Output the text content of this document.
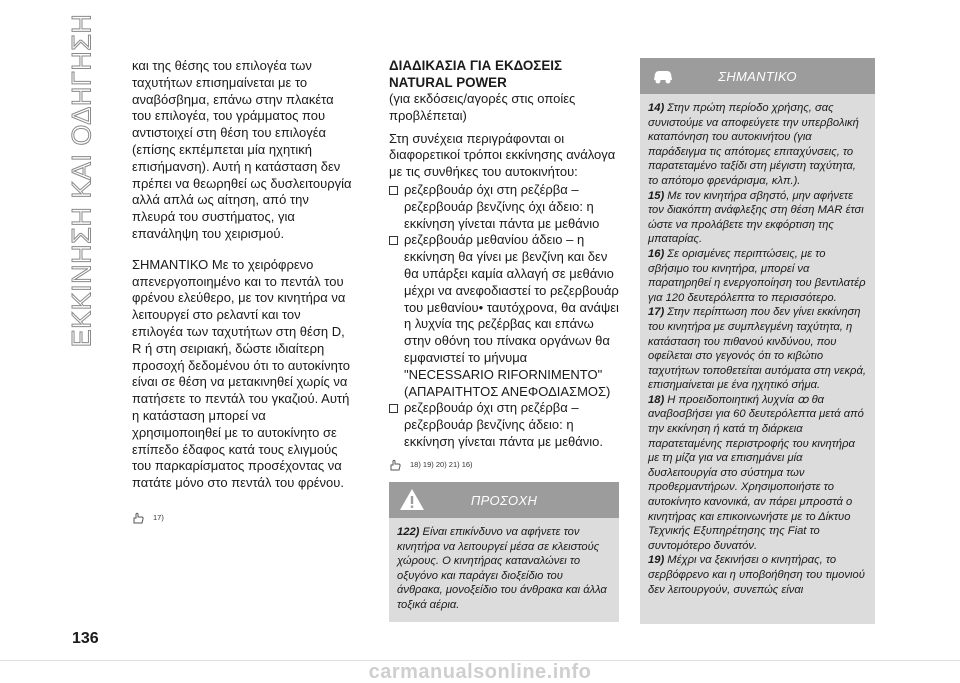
ΕΚΚΙΝΗΣΗ ΚΑΙ ΟΔΗΓΗΣΗ
136

και της θέσης του επιλογέα των ταχυτήτων επισημαίνεται με το αναβόσβημα, επάνω στην πλακέτα του επιλογέα, του γράμματος που αντιστοιχεί στη θέση του επιλογέα (επίσης εκπέμπεται μία ηχητική επισήμανση). Αυτή η κατάσταση δεν πρέπει να θεωρηθεί ως δυσλειτουργία αλλά απλά ως αίτηση, από την πλευρά του συστήματος, για επανάληψη του χειρισμού.

ΣΗΜΑΝΤΙΚΟ Με το χειρόφρενο απενεργοποιημένο και το πεντάλ του φρένου ελεύθερο, με τον κινητήρα να λειτουργεί στο ρελαντί και τον επιλογέα των ταχυτήτων στη θέση D, R ή στη σειριακή, δώστε ιδιαίτερη προσοχή δεδομένου ότι το αυτοκίνητο είναι σε θέση να μετακινηθεί χωρίς να πατήσετε το πεντάλ του γκαζιού. Αυτή η κατάσταση μπορεί να χρησιμοποιηθεί με το αυτοκίνητο σε επίπεδο έδαφος κατά τους ελιγμούς του παρκαρίσματος προσέχοντας να πατάτε μόνο στο πεντάλ του φρένου.

17)
ΔΙΑΔΙΚΑΣΙΑ ΓΙΑ ΕΚΔΟΣΕΙΣ NATURAL POWER
(για εκδόσεις/αγορές στις οποίες προβλέπεται)

Στη συνέχεια περιγράφονται οι διαφορετικοί τρόποι εκκίνησης ανάλογα με τις συνθήκες του αυτοκινήτου:

ρεζερβουάρ όχι στη ρεζέρβα – ρεζερβουάρ βενζίνης όχι άδειο: η εκκίνηση γίνεται πάντα με μεθάνιο
ρεζερβουάρ μεθανίου άδειο – η εκκίνηση θα γίνει με βενζίνη και δεν θα υπάρξει καμία αλλαγή σε μεθάνιο μέχρι να ανεφοδιαστεί το ρεζερβουάρ του μεθανίου• ταυτόχρονα, θα ανάψει η λυχνία της ρεζέρβας και επάνω στην οθόνη του πίνακα οργάνων θα εμφανιστεί το μήνυμα "NECESSARIO RIFORNIMENTO" (ΑΠΑΡΑΙΤΗΤΟΣ ΑΝΕΦΟΔΙΑΣΜΟΣ)
ρεζερβουάρ όχι στη ρεζέρβα – ρεζερβουάρ βενζίνης άδειο: η εκκίνηση γίνεται πάντα με μεθάνιο.
18) 19) 20) 21) 16)
ΠΡΟΣΟΧΗ

122) Είναι επικίνδυνο να αφήνετε τον κινητήρα να λειτουργεί μέσα σε κλειστούς χώρους. Ο κινητήρας καταναλώνει το οξυγόνο και παράγει διοξείδιο του άνθρακα, μονοξείδιο του άνθρακα και άλλα τοξικά αέρια.

ΣΗΜΑΝΤΙΚΟ

14) Στην πρώτη περίοδο χρήσης, σας συνιστούμε να αποφεύγετε την υπερβολική καταπόνηση του αυτοκινήτου (για παράδειγμα τις απότομες επιταχύνσεις, το παρατεταμένο ταξίδι στη μέγιστη ταχύτητα, το απότομο φρενάρισμα, κλπ.).

15) Με τον κινητήρα σβηστό, μην αφήνετε τον διακόπτη ανάφλεξης στη θέση MAR έτσι ώστε να προλάβετε την εκφόρτιση της μπαταρίας.

16) Σε ορισμένες περιπτώσεις, με το σβήσιμο του κινητήρα, μπορεί να παρατηρηθεί η ενεργοποίηση του βεντιλατέρ για 120 δευτερόλεπτα το περισσότερο.

17) Στην περίπτωση που δεν γίνει εκκίνηση του κινητήρα με συμπλεγμένη ταχύτητα, η κατάσταση του πιθανού κινδύνου, που οφείλεται στο γεγονός ότι το κιβώτιο ταχυτήτων τοποθετείται αυτόματα στη νεκρά, επισημαίνεται με ένα ηχητικό σήμα.

18) Η προειδοποιητική λυχνία ꝏ θα αναβοσβήσει για 60 δευτερόλεπτα μετά από την εκκίνηση ή κατά τη διάρκεια παρατεταμένης περιστροφής του κινητήρα με τη μίζα για να επισημάνει μία δυσλειτουργία στο σύστημα των προθερμαντήρων. Χρησιμοποιήστε το αυτοκίνητο κανονικά, αν πάρει μπροστά ο κινητήρας και επικοινωνήστε με το Δίκτυο Τεχνικής Εξυπηρέτησης της Fiat το συντομότερο δυνατόν.

19) Μέχρι να ξεκινήσει ο κινητήρας, το σερβόφρενο και η υποβοήθηση του τιμονιού δεν λειτουργούν, συνεπώς είναι

carmanualsonline.info
